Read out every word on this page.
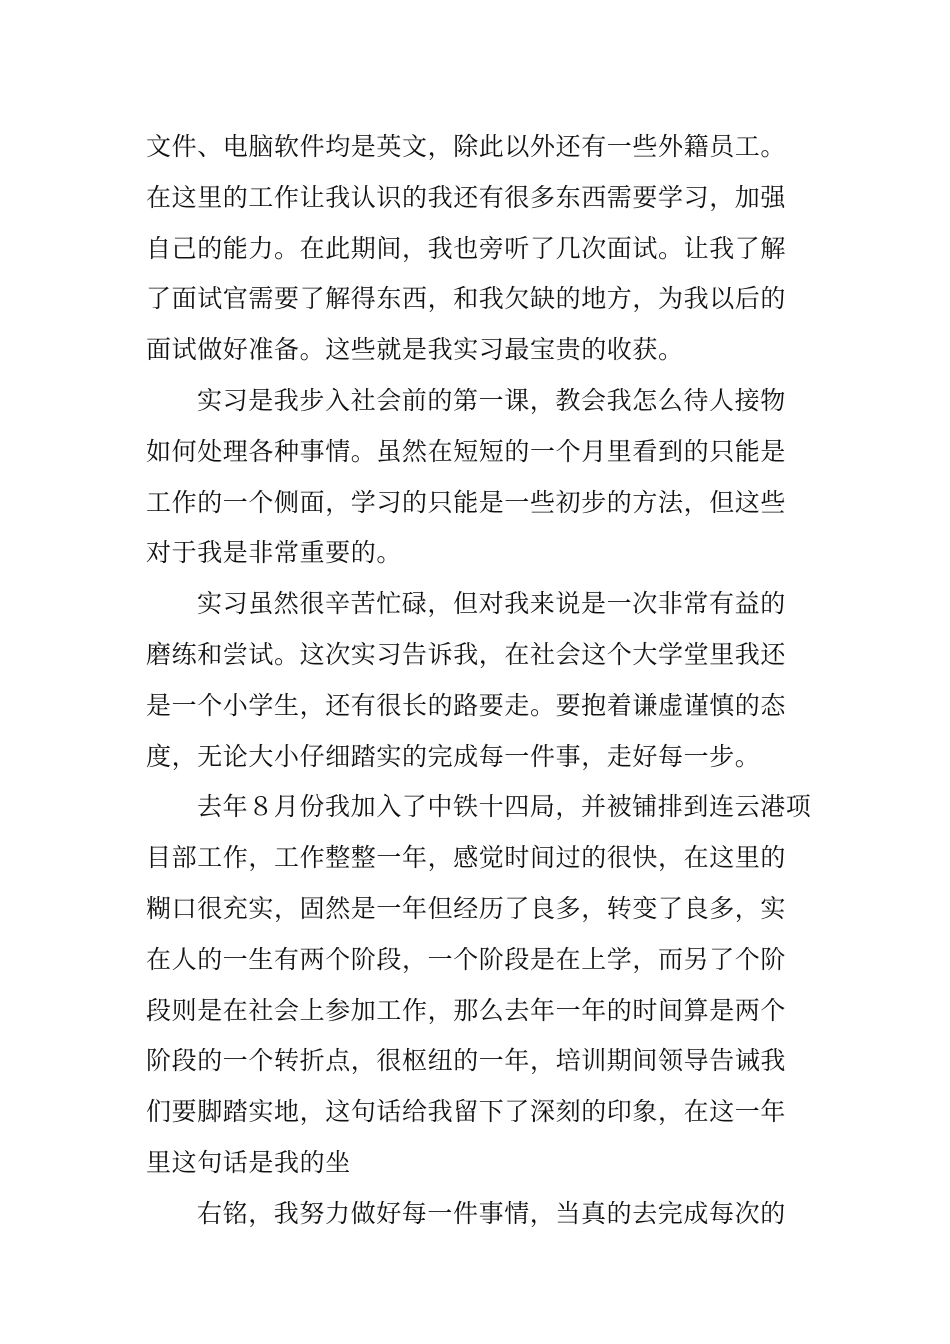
文件、电脑软件均是英文，除此以外还有一些外籍员工。
在这里的工作让我认识的我还有很多东西需要学习，加强
自己的能力。在此期间，我也旁听了几次面试。让我了解
了面试官需要了解得东西，和我欠缺的地方，为我以后的
面试做好准备。这些就是我实习最宝贵的收获。
实习是我步入社会前的第一课，教会我怎么待人接物
如何处理各种事情。虽然在短短的一个月里看到的只能是
工作的一个侧面，学习的只能是一些初步的方法，但这些
对于我是非常重要的。
实习虽然很辛苦忙碌，但对我来说是一次非常有益的
磨练和尝试。这次实习告诉我，在社会这个大学堂里我还
是一个小学生，还有很长的路要走。要抱着谦虚谨慎的态
度，无论大小仔细踏实的完成每一件事，走好每一步。
去年８月份我加入了中铁十四局，并被铺排到连云港项
目部工作，工作整整一年，感觉时间过的很快，在这里的
糊口很充实，固然是一年但经历了良多，转变了良多，实
在人的一生有两个阶段，一个阶段是在上学，而另了个阶
段则是在社会上参加工作，那么去年一年的时间算是两个
阶段的一个转折点，很枢纽的一年，培训期间领导告诫我
们要脚踏实地，这句话给我留下了深刻的印象，在这一年
里这句话是我的坐
右铭，我努力做好每一件事情，当真的去完成每次的
